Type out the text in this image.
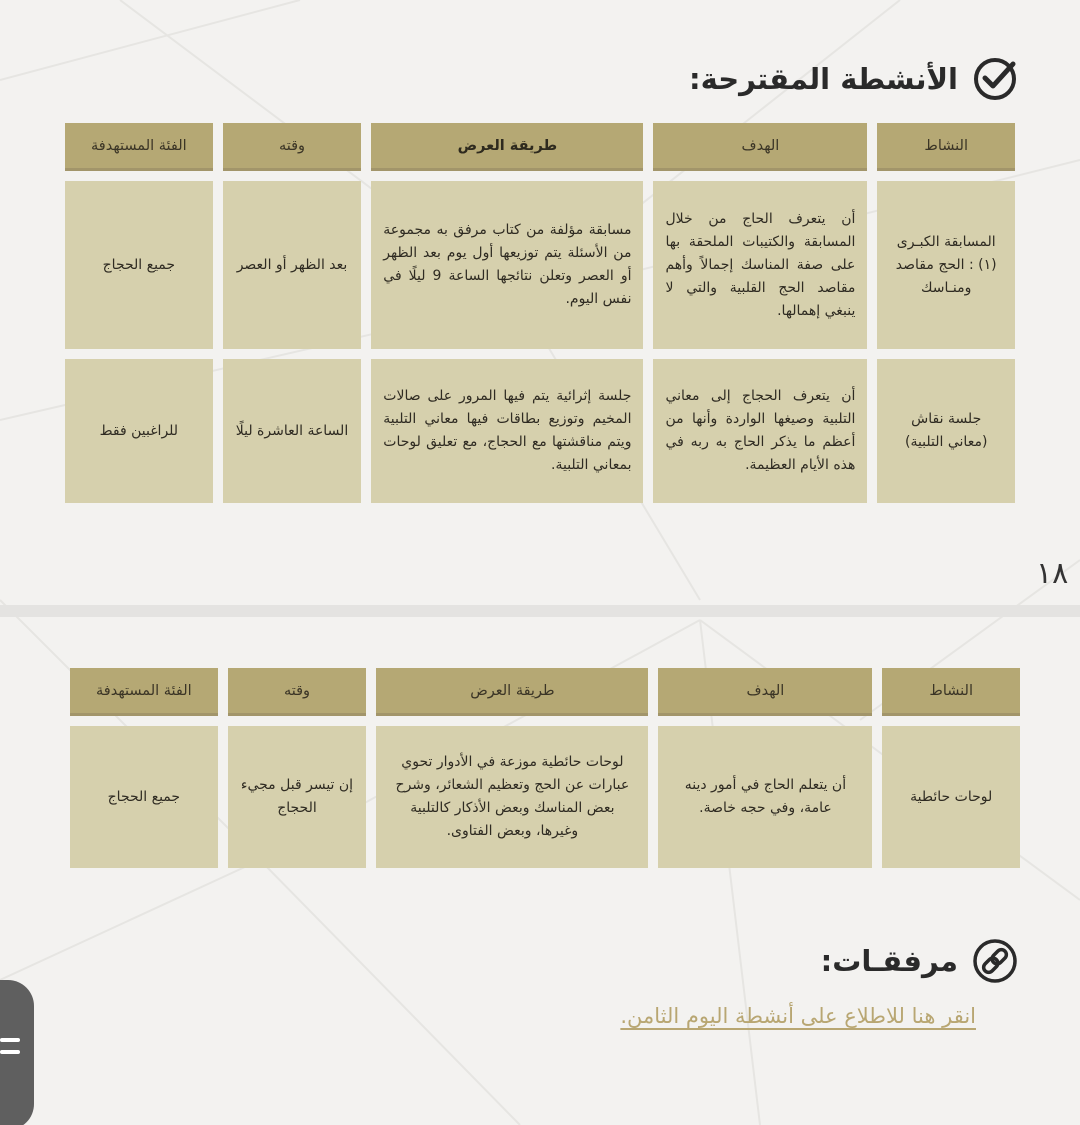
الأنشطة المقترحة:
النشاط	الهدف	طريقة العرض	وقته	الفئة المستهدفة
المسابقة الكبـرى (١) : الحج مقاصد ومنـاسك	أن يتعرف الحاج من خلال المسابقة والكتيبات الملحقة بها على صفة المناسك إجمالاً وأهم مقاصد الحج القلبية والتي لا ينبغي إهمالها.	مسابقة مؤلفة من كتاب مرفق به مجموعة من الأسئلة يتم توزيعها أول يوم بعد الظهر أو العصر وتعلن نتائجها الساعة 9 ليلًا في نفس اليوم.	بعد الظهر أو العصر	جميع الحجاج
جلسة نقاش (معاني التلبية)	أن يتعرف الحجاج إلى معاني التلبية وصيغها الواردة وأنها من أعظم ما يذكر الحاج به ربه في هذه الأيام العظيمة.	جلسة إثرائية يتم فيها المرور على صالات المخيم وتوزيع بطاقات فيها معاني التلبية ويتم مناقشتها مع الحجاج، مع تعليق لوحات بمعاني التلبية.	الساعة العاشرة ليلًا	للراغبين فقط
١٨
النشاط	الهدف	طريقة العرض	وقته	الفئة المستهدفة
لوحات حائطية	أن يتعلم الحاج في أمور دينه عامة، وفي حجه خاصة.	لوحات حائطية موزعة في الأدوار تحوي عبارات عن الحج وتعظيم الشعائر، وشرح بعض المناسك وبعض الأذكار كالتلبية وغيرها، وبعض الفتاوى.	إن تيسر قبل مجيء الحجاج	جميع الحجاج
مرفقـات:
انقر هنا للاطلاع على أنشطة اليوم الثامن.
